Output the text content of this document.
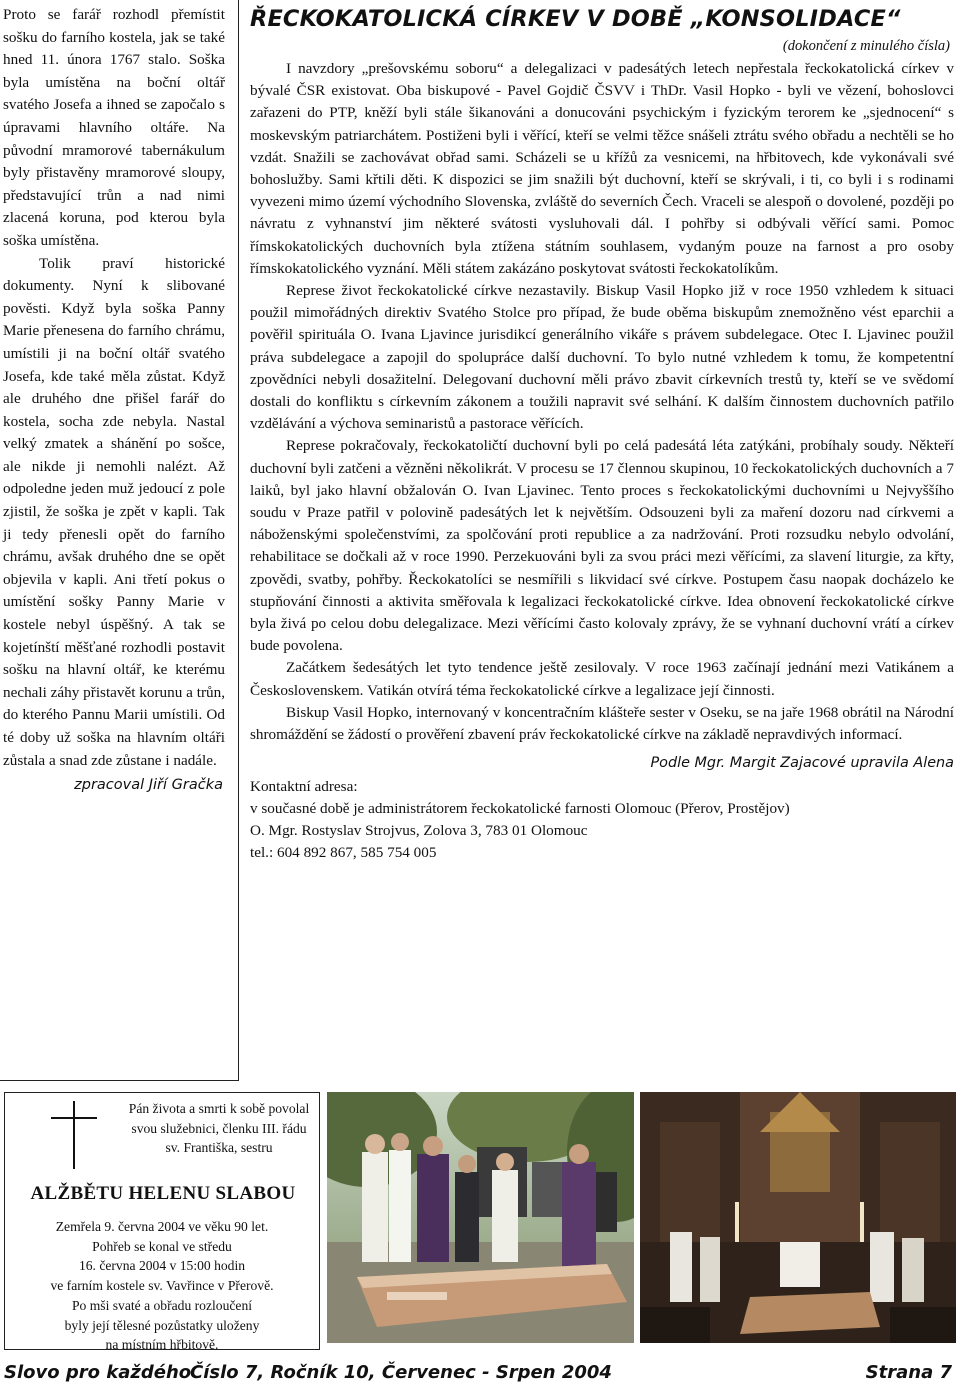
Proto se farář rozhodl přemístit sošku do farního kostela, jak se také hned 11. února 1767 stalo. Soška byla umístěna na boční oltář svatého Josefa a ihned se započalo s úpravami hlavního oltáře. Na původní mramorové tabernákulum byly přistavěny mramorové sloupy, představující trůn a nad nimi zlacená koruna, pod kterou byla soška umístěna.

Tolik praví historické dokumenty. Nyní k slibované pověsti. Když byla soška Panny Marie přenesena do farního chrámu, umístili ji na boční oltář svatého Josefa, kde také měla zůstat. Když ale druhého dne přišel farář do kostela, socha zde nebyla. Nastal velký zmatek a shánění po sošce, ale nikde ji nemohli nalézt. Až odpoledne jeden muž jedoucí z pole zjistil, že soška je zpět v kapli. Tak ji tedy přenesli opět do farního chrámu, avšak druhého dne se opět objevila v kapli. Ani třetí pokus o umístění sošky Panny Marie v kostele nebyl úspěšný. A tak se kojetínští měšťané rozhodli postavit sošku na hlavní oltář, ke kterému nechali záhy přistavět korunu a trůn, do kterého Pannu Marii umístili. Od té doby už soška na hlavním oltáři zůstala a snad zde zůstane i nadále.

zpracoval Jiří Gračka
ŘECKOKATOLICKÁ CÍRKEV V DOBĚ „KONSOLIDACE“
(dokončení z minulého čísla)

I navzdory „prešovskému soboru“ a delegalizaci v padesátých letech nepřestala řeckokatolická církev v bývalé ČSR existovat. Oba biskupové - Pavel Gojdič ČSVV i ThDr. Vasil Hopko - byli ve vězení, bohoslovci zařazeni do PTP, kněží byli stále šikanováni a donucováni psychickým i fyzickým terorem ke „sjednocení“ s moskevským patriarchátem. Postiženi byli i věřící, kteří se velmi těžce snášeli ztrátu svého obřadu a nechtěli se ho vzdát. Snažili se zachovávat obřad sami. Scházeli se u křížů za vesnicemi, na hřbitovech, kde vykonávali své bohoslužby. Sami křtili děti. K dispozici se jim snažili být duchovní, kteří se skrývali, i ti, co byli i s rodinami vyvezeni mimo území východního Slovenska, zvláště do severních Čech. Vraceli se alespoň o dovolené, později po návratu z vyhnanství jim některé svátosti vysluhovali dál. I pohřby si odbývali věřící sami. Pomoc římskokatolických duchovních byla ztížena státním souhlasem, vydaným pouze na farnost a pro osoby římskokatolického vyznání. Měli státem zakázáno poskytovat svátosti řeckokatolíkům.

Represe život řeckokatolické církve nezastavily. Biskup Vasil Hopko již v roce 1950 vzhledem k situaci použil mimořádných direktiv Svatého Stolce pro případ, že bude oběma biskupům znemožněno vést eparchii a pověřil spirituála O. Ivana Ljavince jurisdikcí generálního vikáře s právem subdelegace. Otec I. Ljavinec použil práva subdelegace a zapojil do spolupráce další duchovní. To bylo nutné vzhledem k tomu, že kompetentní zpovědníci nebyli dosažitelní. Delegovaní duchovní měli právo zbavit církevních trestů ty, kteří se ve svědomí dostali do konfliktu s církevním zákonem a toužili napravit své selhání. K dalším činnostem duchovních patřilo vzdělávání a výchova seminaristů a pastorace věřících.

Represe pokračovaly, řeckokatoličtí duchovní byli po celá padesátá léta zatýkáni, probíhaly soudy. Někteří duchovní byli zatčeni a vězněni několikrát. V procesu se 17 člennou skupinou, 10 řeckokatolických duchovních a 7 laiků, byl jako hlavní obžalován O. Ivan Ljavinec. Tento proces s řeckokatolickými duchovními u Nejvyššího soudu v Praze patřil v polovině padesátých let k největším. Odsouzeni byli za maření dozoru nad církvemi a náboženskými společenstvími, za spolčování proti republice a za nadržování. Proti rozsudku nebylo odvolání, rehabilitace se dočkali až v roce 1990. Perzekuováni byli za svou práci mezi věřícími, za slavení liturgie, za křty, zpovědi, svatby, pohřby. Řeckokatolíci se nesmířili s likvidací své církve. Postupem času naopak docházelo ke stupňování činnosti a aktivita směřovala k legalizaci řeckokatolické církve. Idea obnovení řeckokatolické církve byla živá po celou dobu delegalizace. Mezi věřícími často kolovaly zprávy, že se vyhnaní duchovní vrátí a církev bude povolena.

Začátkem šedesátých let tyto tendence ještě zesilovaly. V roce 1963 začínají jednání mezi Vatikánem a Československem. Vatikán otvírá téma řeckokatolické církve a legalizace její činnosti.

Biskup Vasil Hopko, internovaný v koncentračním klášteře sester v Oseku, se na jaře 1968 obrátil na Národní shromáždění se žádostí o prověření zbavení práv řeckokatolické církve na základě nepravdivých informací.

Podle Mgr. Margit Zajacové upravila Alena
Kontaktní adresa:
v současné době je administrátorem řeckokatolické farnosti Olomouc (Přerov, Prostějov)
O. Mgr. Rostyslav Strojvus, Zolova 3, 783 01 Olomouc
tel.: 604 892 867, 585 754 005
Pán života a smrti k sobě povolal svou služebnici, členku III. řádu sv. Františka, sestru
ALŽBĚTU HELENU SLABOU
Zemřela 9. června 2004 ve věku 90 let.
Pohřeb se konal ve středu
16. června 2004 v 15:00 hodin
ve farním kostele sv. Vavřince v Přerově.
Po mši svaté a obřadu rozloučení
byly její tělesné pozůstatky uloženy
na místním hřbitově.
Slovo pro každého
Číslo 7, Ročník 10, Červenec - Srpen 2004	Strana 7
